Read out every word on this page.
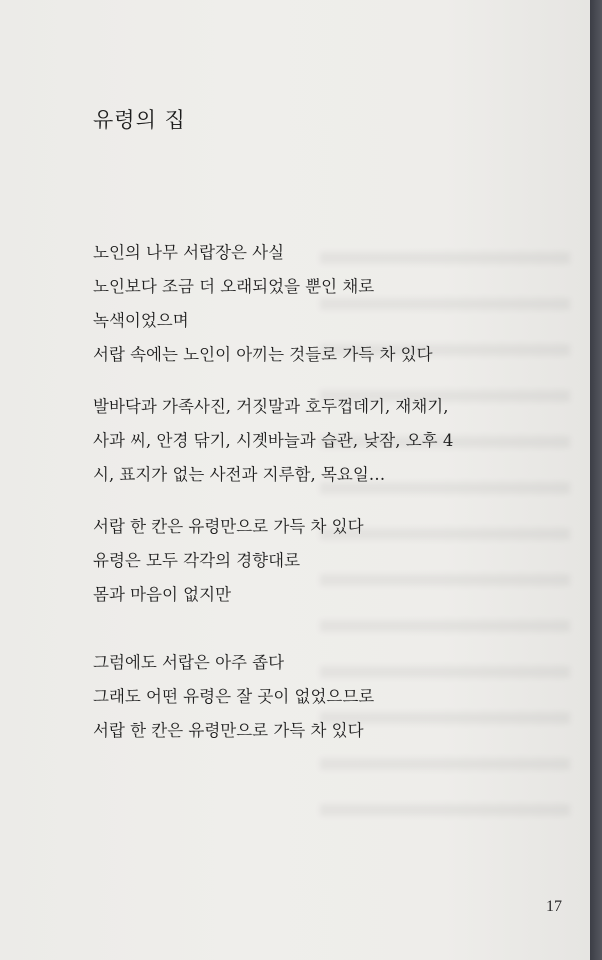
유령의 집
노인의 나무 서랍장은 사실
노인보다 조금 더 오래되었을 뿐인 채로
녹색이었으며
서랍 속에는 노인이 아끼는 것들로 가득 차 있다
발바닥과 가족사진, 거짓말과 호두껍데기, 재채기,
사과 씨, 안경 닦기, 시곗바늘과 습관, 낮잠, 오후 4
시, 표지가 없는 사전과 지루함, 목요일…
서랍 한 칸은 유령만으로 가득 차 있다
유령은 모두 각각의 경향대로
몸과 마음이 없지만
그럼에도 서랍은 아주 좁다
그래도 어떤 유령은 잘 곳이 없었으므로
서랍 한 칸은 유령만으로 가득 차 있다
17
